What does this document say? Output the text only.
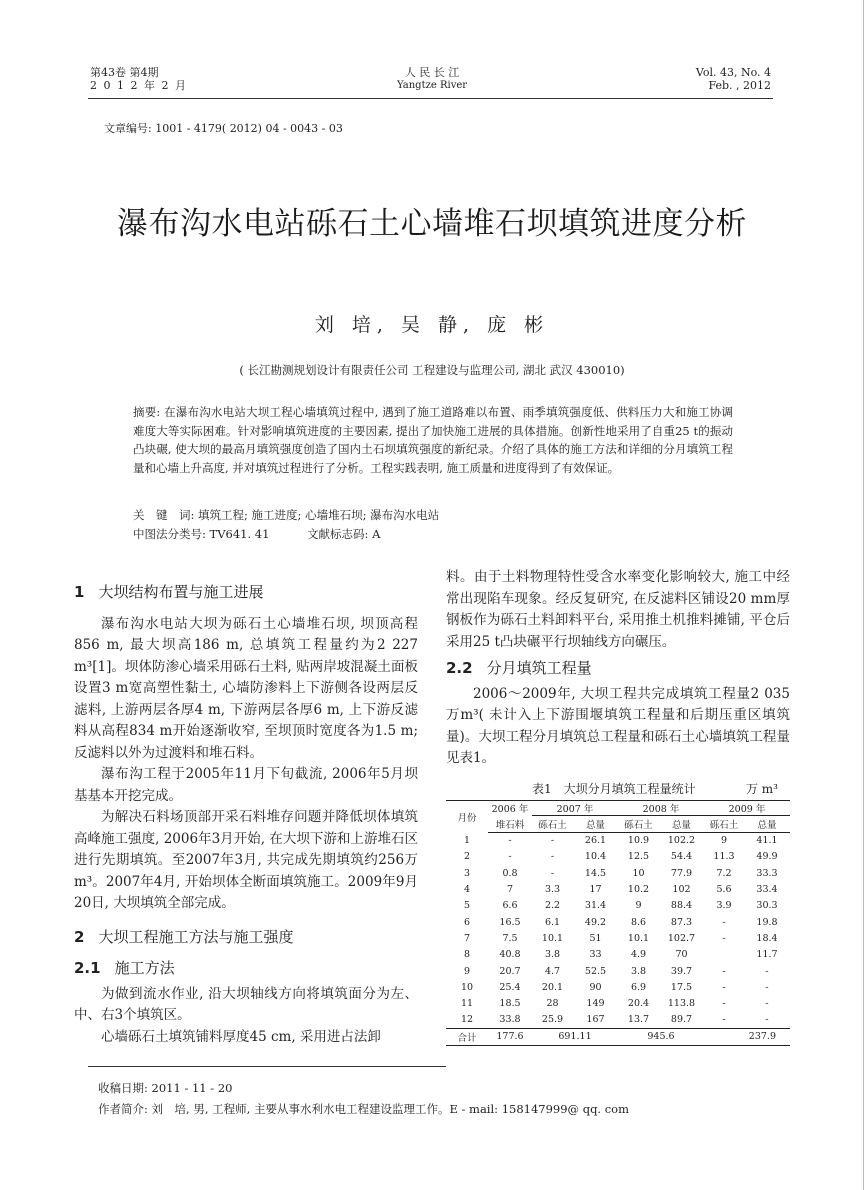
第43卷 第4期
2 0 1 2 年 2 月
人 民 长 江
Yangtze River
Vol. 43, No. 4
Feb. , 2012
文章编号: 1001 - 4179( 2012) 04 - 0043 - 03
瀑布沟水电站砾石土心墙堆石坝填筑进度分析
刘 培, 吴 静, 庞 彬
( 长江勘测规划设计有限责任公司 工程建设与监理公司, 湖北 武汉 430010)
摘要: 在瀑布沟水电站大坝工程心墙填筑过程中, 遇到了施工道路难以布置、雨季填筑强度低、供料压力大和施工协调难度大等实际困难。针对影响填筑进度的主要因素, 提出了加快施工进展的具体措施。创新性地采用了自重25 t的振动凸块碾, 使大坝的最高月填筑强度创造了国内土石坝填筑强度的新纪录。介绍了具体的施工方法和详细的分月填筑工程量和心墙上升高度, 并对填筑过程进行了分析。工程实践表明, 施工质量和进度得到了有效保证。
关　键　词: 填筑工程; 施工进度; 心墙堆石坝; 瀑布沟水电站
中图法分类号: TV641. 41	文献标志码: A
1 大坝结构布置与施工进展
瀑布沟水电站大坝为砾石土心墙堆石坝, 坝顶高程856 m, 最大坝高186 m, 总填筑工程量约为2 227 m³[1]。坝体防渗心墙采用砾石土料, 贴两岸坡混凝土面板设置3 m宽高塑性黏土, 心墙防渗料上下游侧各设两层反滤料, 上游两层各厚4 m, 下游两层各厚6 m, 上下游反滤料从高程834 m开始逐渐收窄, 至坝顶时宽度各为1.5 m; 反滤料以外为过渡料和堆石料。
瀑布沟工程于2005年11月下旬截流, 2006年5月坝基基本开挖完成。
为解决石料场顶部开采石料堆存问题并降低坝体填筑高峰施工强度, 2006年3月开始, 在大坝下游和上游堆石区进行先期填筑。至2007年3月, 共完成先期填筑约256万m³。2007年4月, 开始坝体全断面填筑施工。2009年9月20日, 大坝填筑全部完成。
2 大坝工程施工方法与施工强度
2.1 施工方法
为做到流水作业, 沿大坝轴线方向将填筑面分为左、中、右3个填筑区。
心墙砾石土填筑铺料厚度45 cm, 采用进占法卸
料。由于土料物理特性受含水率变化影响较大, 施工中经常出现陷车现象。经反复研究, 在反滤料区铺设20 mm厚钢板作为砾石土料卸料平台, 采用推土机推料摊铺, 平仓后采用25 t凸块碾平行坝轴线方向碾压。
2.2 分月填筑工程量
2006～2009年, 大坝工程共完成填筑工程量2 035万m³( 未计入上下游围堰填筑工程量和后期压重区填筑量)。大坝工程分月填筑总工程量和砾石土心墙填筑工程量见表1。
表1　大坝分月填筑工程量统计	万 m³
月份	2006 年	2007 年		2008 年		2009 年	
	堆石料	砾石土	总量	砾石土	总量	砾石土	总量
1	-	-	26.1	10.9	102.2	9	41.1
2	-	-	10.4	12.5	54.4	11.3	49.9
3	0.8	-	14.5	10	77.9	7.2	33.3
4	7	3.3	17	10.2	102	5.6	33.4
5	6.6	2.2	31.4	9	88.4	3.9	30.3
6	16.5	6.1	49.2	8.6	87.3	-	19.8
7	7.5	10.1	51	10.1	102.7	-	18.4
8	40.8	3.8	33	4.9	70		11.7
9	20.7	4.7	52.5	3.8	39.7	-	-
10	25.4	20.1	90	6.9	17.5	-	-
11	18.5	28	149	20.4	113.8	-	-
12	33.8	25.9	167	13.7	89.7	-	-
合计	177.6	691.11		945.6		237.9	
收稿日期: 2011 - 11 - 20
作者简介: 刘　培, 男, 工程师, 主要从事水利水电工程建设监理工作。E - mail: 158147999@ qq. com
